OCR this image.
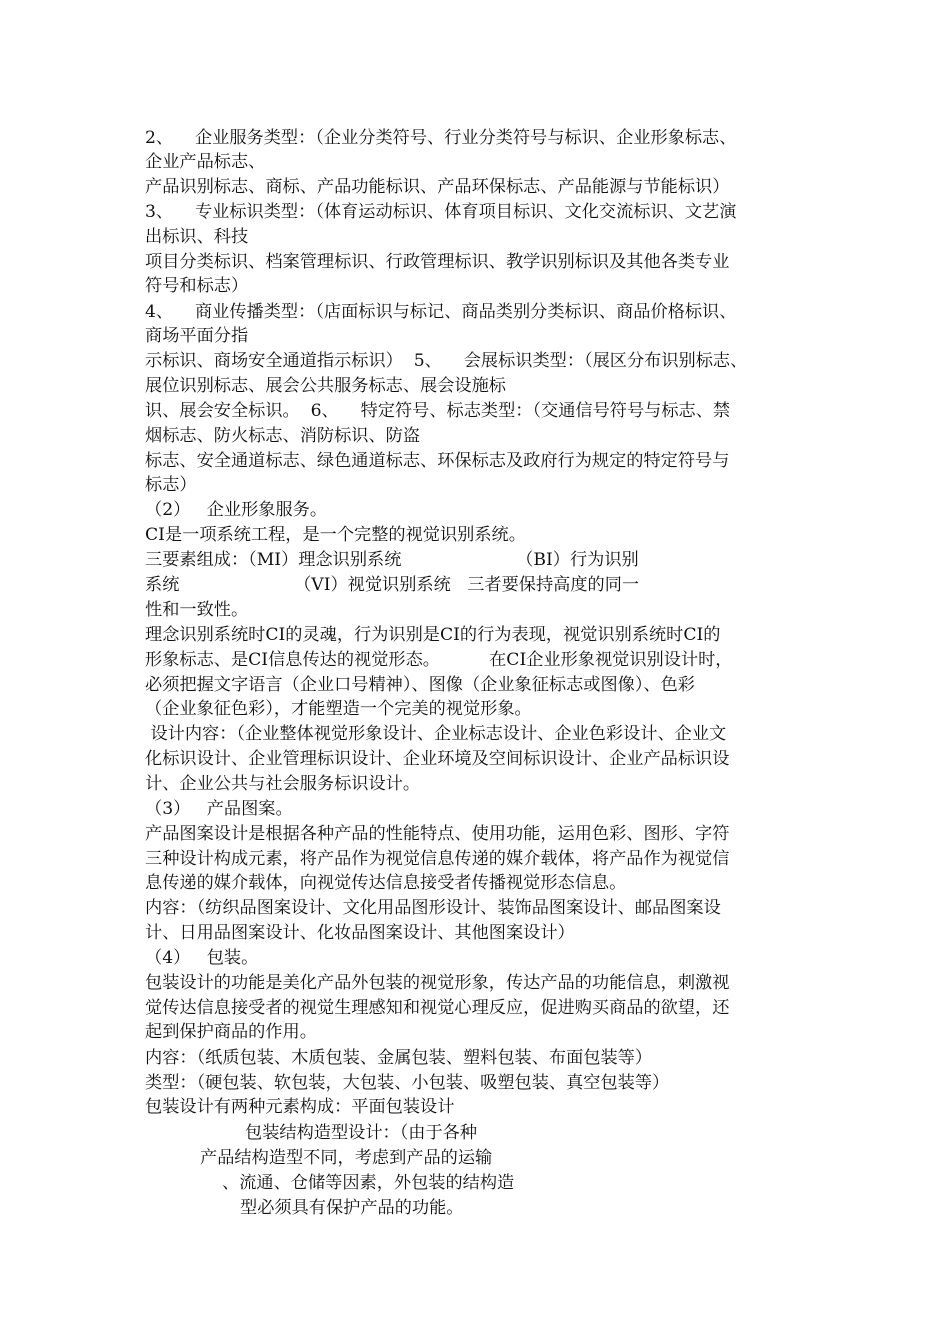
2、    企业服务类型：（企业分类符号、行业分类符号与标识、企业形象标志、

企业产品标志、

产品识别标志、商标、产品功能标识、产品环保标志、产品能源与节能标识）

3、    专业标识类型：（体育运动标识、体育项目标识、文化交流标识、文艺演

出标识、科技

项目分类标识、档案管理标识、行政管理标识、教学识别标识及其他各类专业

符号和标志）

4、    商业传播类型：（店面标识与标记、商品类别分类标识、商品价格标识、

商场平面分指

示标识、商场安全通道指示标识）  5、    会展标识类型：（展区分布识别标志、

展位识别标志、展会公共服务标志、展会设施标

识、展会安全标识。  6、    特定符号、标志类型：（交通信号符号与标志、禁

烟标志、防火标志、消防标识、防盗

标志、安全通道标志、绿色通道标志、环保标志及政府行为规定的特定符号与

标志）

（2）   企业形象服务。

CI是一项系统工程，是一个完整的视觉识别系统。

三要素组成：（MI）理念识别系统                     （BI）行为识别

系统                     （VI）视觉识别系统   三者要保持高度的同一

性和一致性。

理念识别系统时CI的灵魂，行为识别是CI的行为表现，视觉识别系统时CI的

形象标志、是CI信息传达的视觉形态。         在CI企业形象视觉识别设计时，

必须把握文字语言（企业口号精神）、图像（企业象征标志或图像）、色彩

（企业象征色彩），才能塑造一个完美的视觉形象。

设计内容：（企业整体视觉形象设计、企业标志设计、企业色彩设计、企业文

化标识设计、企业管理标识设计、企业环境及空间标识设计、企业产品标识设

计、企业公共与社会服务标识设计。

（3）   产品图案。

产品图案设计是根据各种产品的性能特点、使用功能，运用色彩、图形、字符

三种设计构成元素，将产品作为视觉信息传递的媒介载体，将产品作为视觉信

息传递的媒介载体，向视觉传达信息接受者传播视觉形态信息。

内容：（纺织品图案设计、文化用品图形设计、装饰品图案设计、邮品图案设

计、日用品图案设计、化妆品图案设计、其他图案设计）

（4）   包装。

包装设计的功能是美化产品外包装的视觉形象，传达产品的功能信息，刺激视

觉传达信息接受者的视觉生理感知和视觉心理反应，促进购买商品的欲望，还

起到保护商品的作用。

内容：（纸质包装、木质包装、金属包装、塑料包装、布面包装等）

类型：（硬包装、软包装，大包装、小包装、吸塑包装、真空包装等）

包装设计有两种元素构成：平面包装设计

包装结构造型设计：（由于各种

产品结构造型不同，考虑到产品的运输

、流通、仓储等因素，外包装的结构造

型必须具有保护产品的功能。
